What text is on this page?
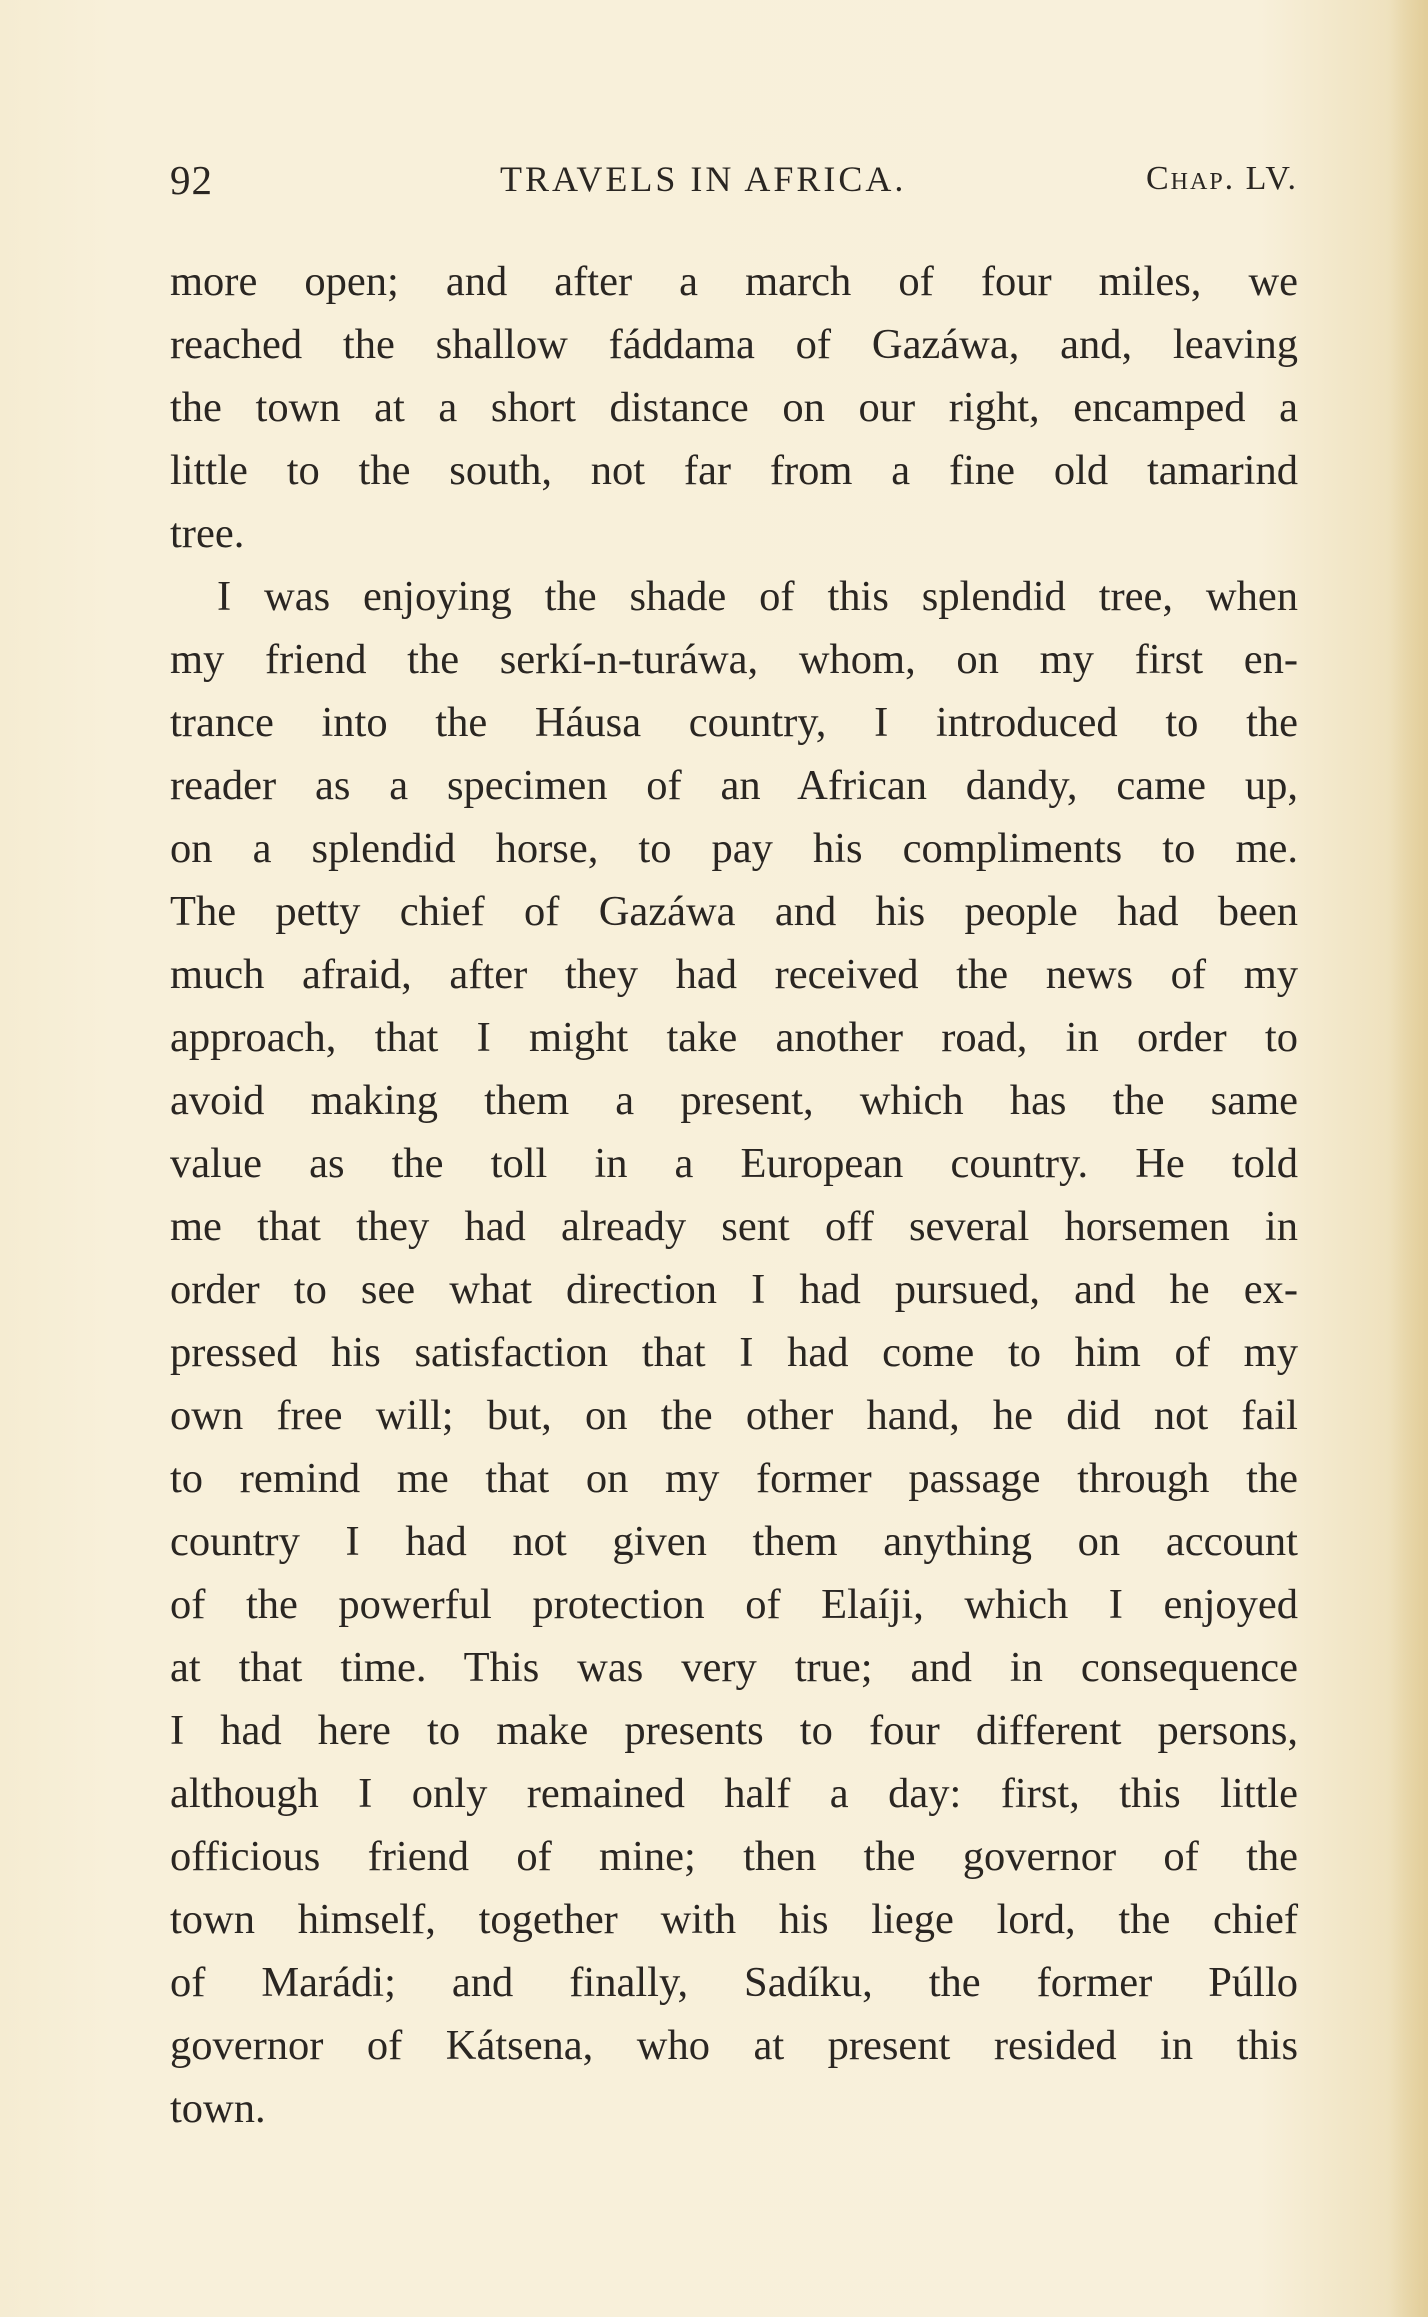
92	TRAVELS IN AFRICA.	Chap. LV.
more open; and after a march of four miles, we
reached the shallow fáddama of Gazáwa, and, leaving
the town at a short distance on our right, encamped a
little to the south, not far from a fine old tamarind
tree.
I was enjoying the shade of this splendid tree, when
my friend the serkí-n-turáwa, whom, on my first en-
trance into the Háusa country, I introduced to the
reader as a specimen of an African dandy, came up,
on a splendid horse, to pay his compliments to me.
The petty chief of Gazáwa and his people had been
much afraid, after they had received the news of my
approach, that I might take another road, in order to
avoid making them a present, which has the same
value as the toll in a European country. He told
me that they had already sent off several horsemen in
order to see what direction I had pursued, and he ex-
pressed his satisfaction that I had come to him of my
own free will; but, on the other hand, he did not fail
to remind me that on my former passage through the
country I had not given them anything on account
of the powerful protection of Elaíji, which I enjoyed
at that time. This was very true; and in consequence
I had here to make presents to four different persons,
although I only remained half a day: first, this little
officious friend of mine; then the governor of the
town himself, together with his liege lord, the chief
of Marádi; and finally, Sadíku, the former Púllo
governor of Kátsena, who at present resided in this
town.
